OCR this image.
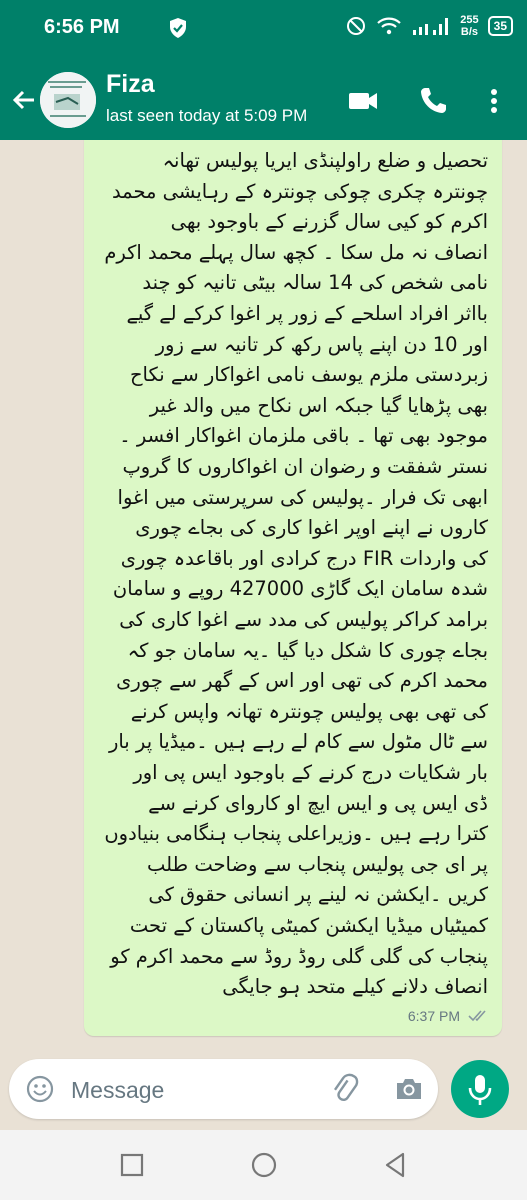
6:56 PM	255
B/s	35
Fiza
last seen today at 5:09 PM
تحصیل و ضلع راولپنڈی ایریا پولیس تھانہ
چونترہ چکری چوکی چونترہ کے رہایشی محمد
اکرم کو کیی سال گزرنے کے باوجود بھی
انصاف نہ مل سکا ۔ کچھ سال پہلے محمد اکرم
نامی شخص کی 14 سالہ بیٹی تانیہ کو چند
بااثر افراد اسلحے کے زور پر اغوا کرکے لے گیے
اور 10 دن اپنے پاس رکھ کر تانیہ سے زور
زبردستی ملزم یوسف نامی اغواکار سے نکاح
بھی پڑھایا گیا جبکہ اس نکاح میں والد غیر
موجود بھی تھا ۔ باقی ملزمان اغواکار افسر ۔
نستر شفقت و رضوان ان اغواکاروں کا گروپ
ابھی تک فرار ۔پولیس کی سرپرستی میں اغوا
کاروں نے اپنے اوپر اغوا کاری کی بجاے چوری
کی واردات FIR درج کرادی اور باقاعدہ چوری
شدہ سامان ایک گاڑی 427000 روپے و سامان
برامد کراکر پولیس کی مدد سے اغوا کاری کی
بجاے چوری کا شکل دیا گیا ۔یہ سامان جو کہ
محمد اکرم کی تھی اور اس کے گھر سے چوری
کی تھی بھی پولیس چونترہ تھانہ واپس کرنے
سے ٹال مٹول سے کام لے رہے ہیں ۔میڈیا پر بار
بار شکایات درج کرنے کے باوجود ایس پی اور
ڈی ایس پی و ایس ایچ او کاروای کرنے سے
کترا رہے ہیں ۔وزیراعلی پنجاب ہنگامی بنیادوں
پر ای جی پولیس پنجاب سے وضاحت طلب
کریں ۔ایکشن نہ لینے پر انسانی حقوق کی
کمیٹیاں میڈیا ایکشن کمیٹی پاکستان کے تحت
پنجاب کی گلی گلی روڈ روڈ سے محمد اکرم کو
انصاف دلانے کیلے متحد ہو جایگی
6:37 PM
Message
